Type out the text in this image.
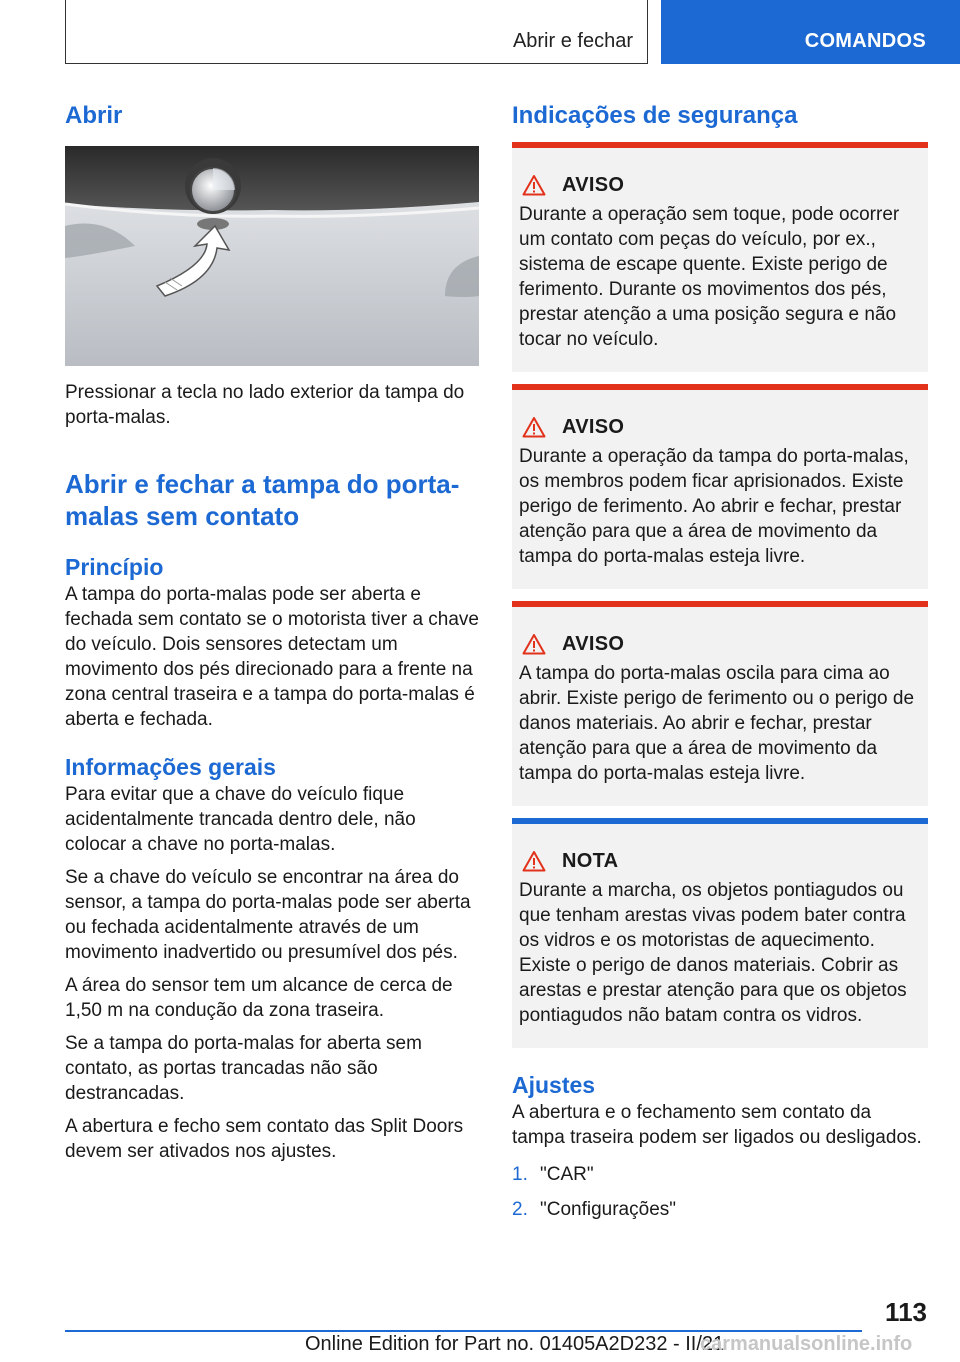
Abrir e fechar	COMANDOS
Abrir

Pressionar a tecla no lado exterior da tampa do porta-malas.

Abrir e fechar a tampa do porta-malas sem contato
Princípio

A tampa do porta-malas pode ser aberta e fechada sem contato se o motorista tiver a chave do veículo. Dois sensores detectam um movimento dos pés direcionado para a frente na zona central traseira e a tampa do porta-malas é aberta e fechada.

Informações gerais

Para evitar que a chave do veículo fique acidentalmente trancada dentro dele, não colocar a chave no porta-malas.

Se a chave do veículo se encontrar na área do sensor, a tampa do porta-malas pode ser aberta ou fechada acidentalmente através de um movimento inadvertido ou presumível dos pés.

A área do sensor tem um alcance de cerca de 1,50 m na condução da zona traseira.

Se a tampa do porta-malas for aberta sem contato, as portas trancadas não são destrancadas.

A abertura e fecho sem contato das Split Doors devem ser ativados nos ajustes.

Indicações de segurança
AVISO

Durante a operação sem toque, pode ocorrer um contato com peças do veículo, por ex., sistema de escape quente. Existe perigo de ferimento. Durante os movimentos dos pés, prestar atenção a uma posição segura e não tocar no veículo.

AVISO

Durante a operação da tampa do porta-malas, os membros podem ficar aprisionados. Existe perigo de ferimento. Ao abrir e fechar, prestar atenção para que a área de movimento da tampa do porta-malas esteja livre.

AVISO

A tampa do porta-malas oscila para cima ao abrir. Existe perigo de ferimento ou o perigo de danos materiais. Ao abrir e fechar, prestar atenção para que a área de movimento da tampa do porta-malas esteja livre.

NOTA

Durante a marcha, os objetos pontiagudos ou que tenham arestas vivas podem bater contra os vidros e os motoristas de aquecimento. Existe o perigo de danos materiais. Cobrir as arestas e prestar atenção para que os objetos pontiagudos não batam contra os vidros.

Ajustes

A abertura e o fechamento sem contato da tampa traseira podem ser ligados ou desligados.

1. "CAR"
2. "Configurações"
113
Online Edition for Part no. 01405A2D232 - II/21
carmanualsonline.info
